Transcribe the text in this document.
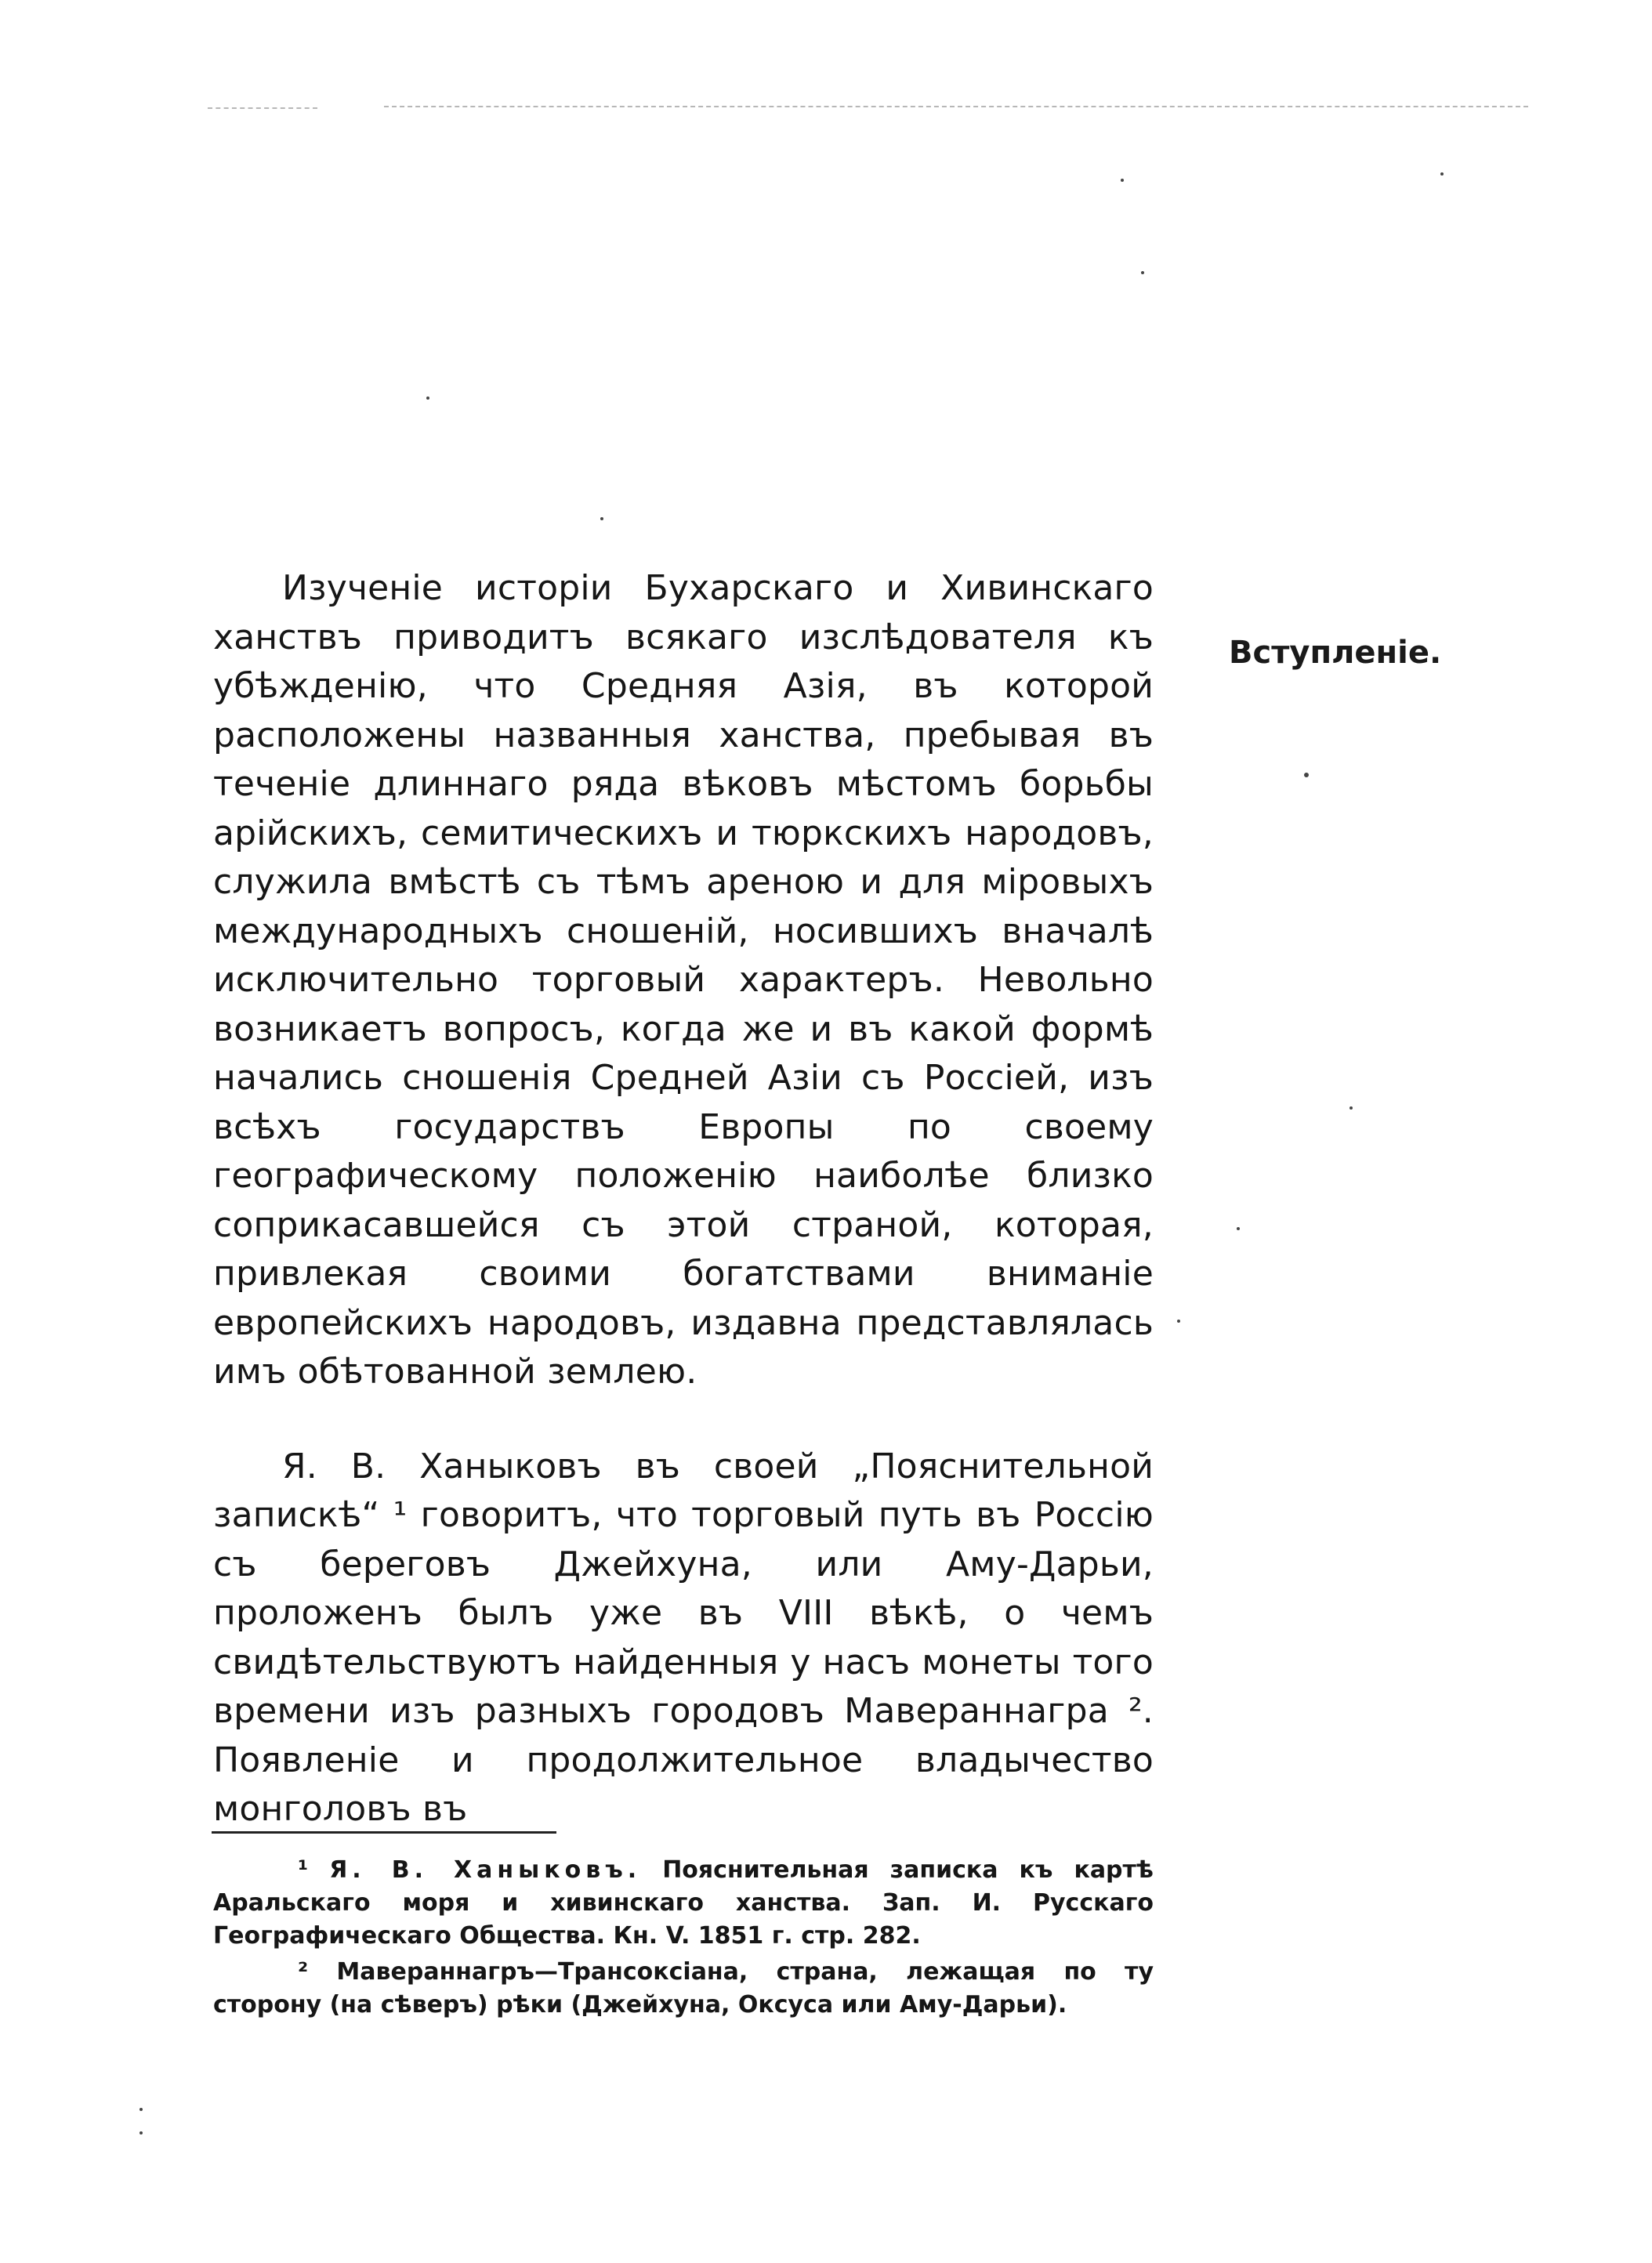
Вступленіе.

Изученіе исторіи Бухарскаго и Хивинскаго ханствъ приводитъ всякаго изслѣдователя къ убѣжденію, что Средняя Азія, въ которой расположены названныя ханства, пребывая въ теченіе длиннаго ряда вѣковъ мѣстомъ борьбы арійскихъ, семитическихъ и тюркскихъ народовъ, служила вмѣстѣ съ тѣмъ ареною и для міровыхъ международныхъ сношеній, носившихъ вначалѣ исключительно торговый характеръ. Невольно возникаетъ вопросъ, когда же и въ какой формѣ начались сношенія Средней Азіи съ Россіей, изъ всѣхъ государствъ Европы по своему географическому положенію наиболѣе близко соприкасавшейся съ этой страной, которая, привлекая своими богатствами вниманіе европейскихъ народовъ, издавна представлялась имъ обѣтованной землею.

Я. В. Ханыковъ въ своей „Пояснительной запискѣ“ ¹ говоритъ, что торговый путь въ Россію съ береговъ Джейхуна, или Аму-Дарьи, проложенъ былъ уже въ VIII вѣкѣ, о чемъ свидѣтельствуютъ найденныя у насъ монеты того времени изъ разныхъ городовъ Мавераннагра ². Появленіе и продолжительное владычество монголовъ въ

¹ Я. В. Ханыковъ. Пояснительная записка къ картѣ Аральскаго моря и хивинскаго ханства. Зап. И. Русскаго Географическаго Общества. Кн. V. 1851 г. стр. 282.

² Мавераннагръ—Трансоксіана, страна, лежащая по ту сторону (на сѣверъ) рѣки (Джейхуна, Оксуса или Аму-Дарьи).
